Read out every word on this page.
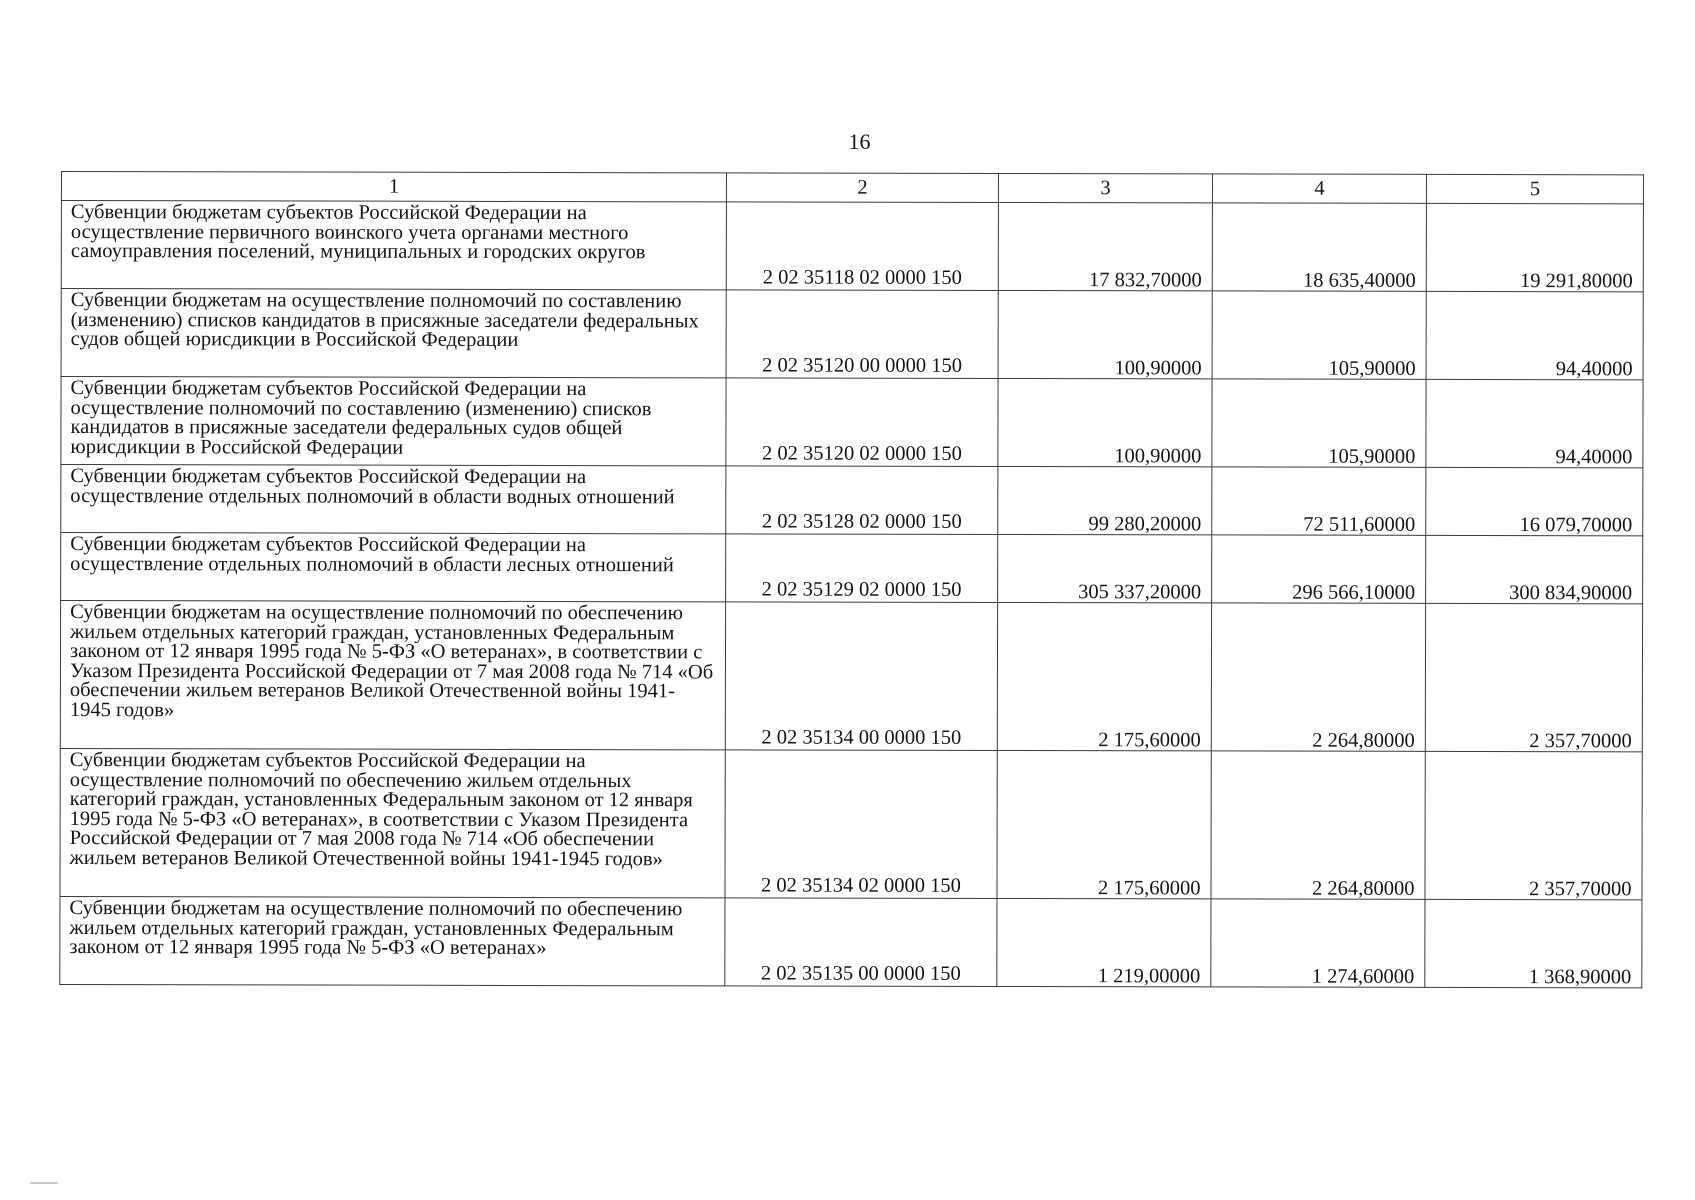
16
1	2	3	4	5
Субвенции бюджетам субъектов Российской Федерации на осуществление первичного воинского учета органами местного самоуправления поселений, муниципальных и городских округов	2 02 35118 02 0000 150	17 832,70000	18 635,40000	19 291,80000
Субвенции бюджетам на осуществление полномочий по составлению (изменению) списков кандидатов в присяжные заседатели федеральных судов общей юрисдикции в Российской Федерации	2 02 35120 00 0000 150	100,90000	105,90000	94,40000
Субвенции бюджетам субъектов Российской Федерации на осуществление полномочий по составлению (изменению) списков кандидатов в присяжные заседатели федеральных судов общей юрисдикции в Российской Федерации	2 02 35120 02 0000 150	100,90000	105,90000	94,40000
Субвенции бюджетам субъектов Российской Федерации на осуществление отдельных полномочий в области водных отношений	2 02 35128 02 0000 150	99 280,20000	72 511,60000	16 079,70000
Субвенции бюджетам субъектов Российской Федерации на осуществление отдельных полномочий в области лесных отношений	2 02 35129 02 0000 150	305 337,20000	296 566,10000	300 834,90000
Субвенции бюджетам на осуществление полномочий по обеспечению жильем отдельных категорий граждан, установленных Федеральным законом от 12 января 1995 года № 5-ФЗ «О ветеранах», в соответствии с Указом Президента Российской Федерации от 7 мая 2008 года № 714 «Об обеспечении жильем ветеранов Великой Отечественной войны 1941-1945 годов»	2 02 35134 00 0000 150	2 175,60000	2 264,80000	2 357,70000
Субвенции бюджетам субъектов Российской Федерации на осуществление полномочий по обеспечению жильем отдельных категорий граждан, установленных Федеральным законом от 12 января 1995 года № 5-ФЗ «О ветеранах», в соответствии с Указом Президента Российской Федерации от 7 мая 2008 года № 714 «Об обеспечении жильем ветеранов Великой Отечественной войны 1941-1945 годов»	2 02 35134 02 0000 150	2 175,60000	2 264,80000	2 357,70000
Субвенции бюджетам на осуществление полномочий по обеспечению жильем отдельных категорий граждан, установленных Федеральным законом от 12 января 1995 года № 5-ФЗ «О ветеранах»	2 02 35135 00 0000 150	1 219,00000	1 274,60000	1 368,90000
